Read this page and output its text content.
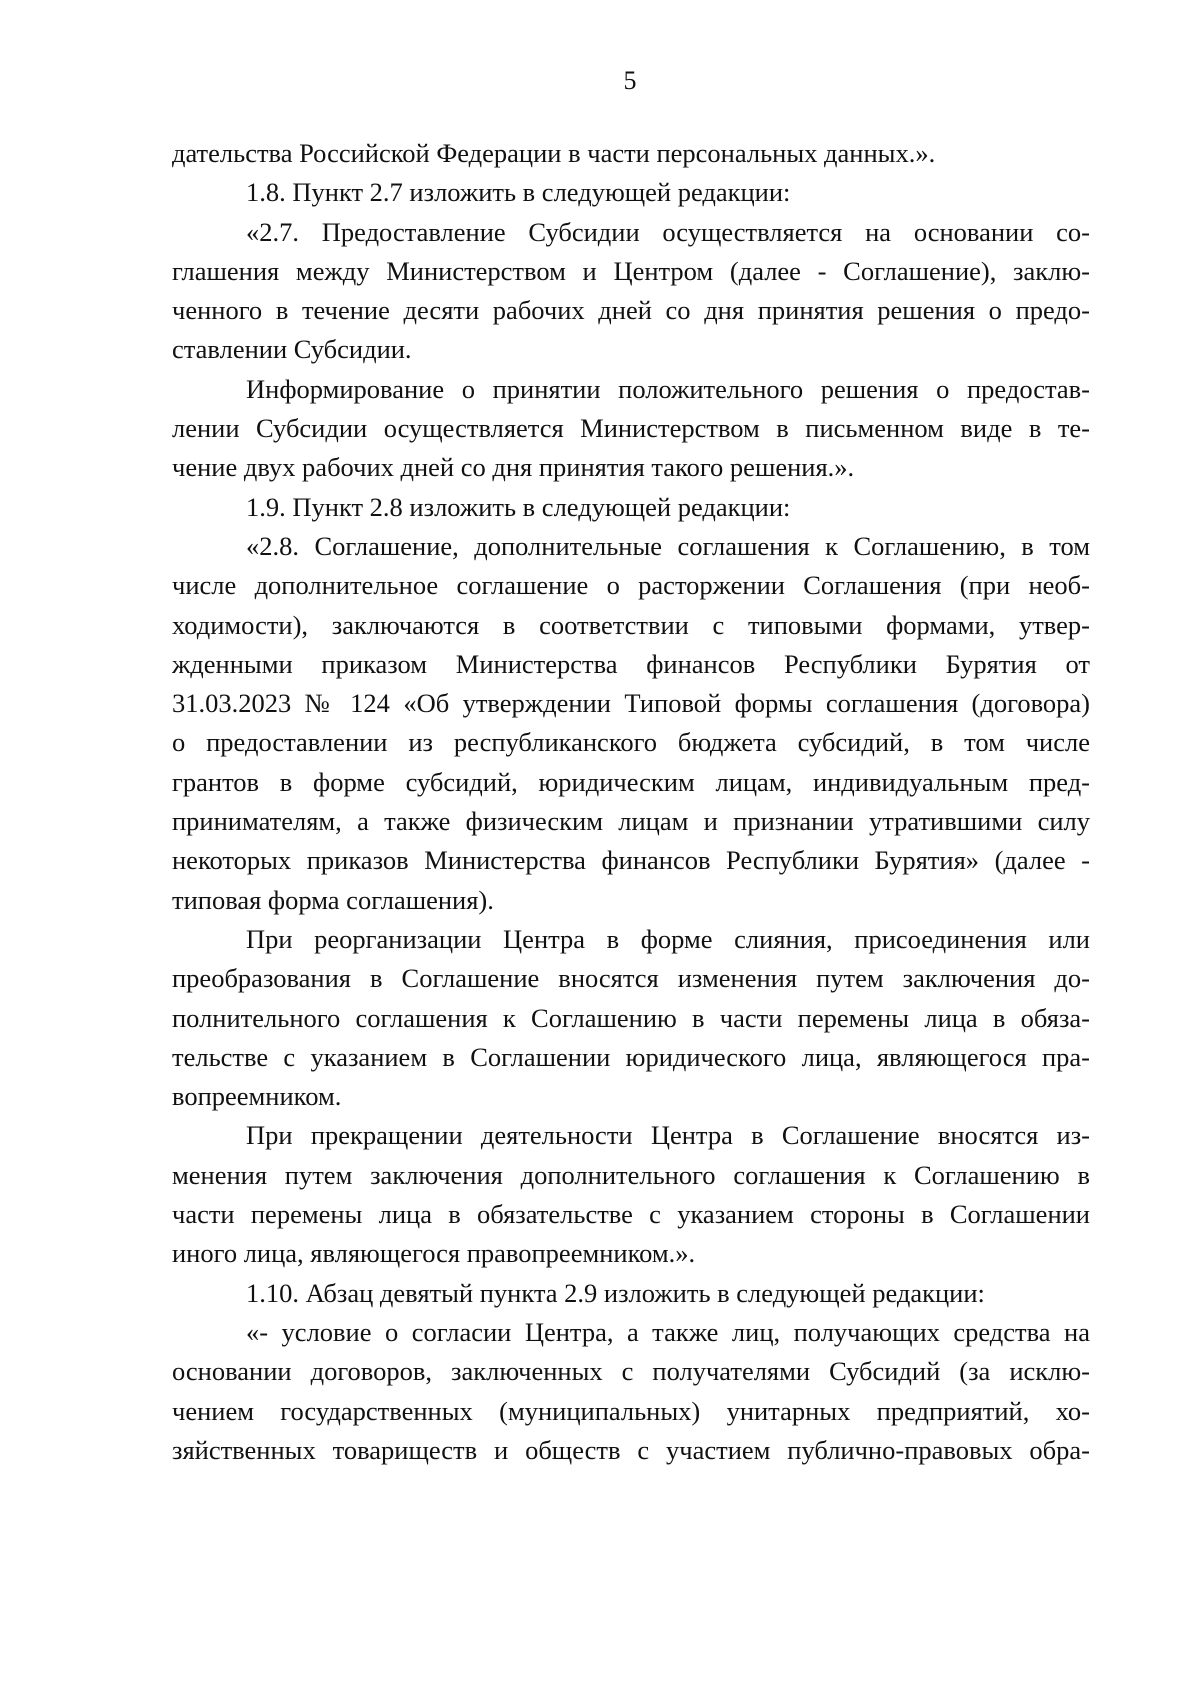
5
дательства Российской Федерации в части персональных данных.».
1.8. Пункт 2.7 изложить в следующей редакции:
«2.7. Предоставление Субсидии осуществляется на основании со-
глашения между Министерством и Центром (далее - Соглашение), заклю-
ченного в течение десяти рабочих дней со дня принятия решения о предо-
ставлении Субсидии.
Информирование о принятии положительного решения о предостав-
лении Субсидии осуществляется Министерством в письменном виде в те-
чение двух рабочих дней со дня принятия такого решения.».
1.9. Пункт 2.8 изложить в следующей редакции:
«2.8. Соглашение, дополнительные соглашения к Соглашению, в том
числе дополнительное соглашение о расторжении Соглашения (при необ-
ходимости), заключаются в соответствии с типовыми формами, утвер-
жденными приказом Министерства финансов Республики Бурятия от
31.03.2023 № 124 «Об утверждении Типовой формы соглашения (договора)
о предоставлении из республиканского бюджета субсидий, в том числе
грантов в форме субсидий, юридическим лицам, индивидуальным пред-
принимателям, а также физическим лицам и признании утратившими силу
некоторых приказов Министерства финансов Республики Бурятия» (далее -
типовая форма соглашения).
При реорганизации Центра в форме слияния, присоединения или
преобразования в Соглашение вносятся изменения путем заключения до-
полнительного соглашения к Соглашению в части перемены лица в обяза-
тельстве с указанием в Соглашении юридического лица, являющегося пра-
вопреемником.
При прекращении деятельности Центра в Соглашение вносятся из-
менения путем заключения дополнительного соглашения к Соглашению в
части перемены лица в обязательстве с указанием стороны в Соглашении
иного лица, являющегося правопреемником.».
1.10. Абзац девятый пункта 2.9 изложить в следующей редакции:
«- условие о согласии Центра, а также лиц, получающих средства на
основании договоров, заключенных с получателями Субсидий (за исклю-
чением государственных (муниципальных) унитарных предприятий, хо-
зяйственных товариществ и обществ с участием публично-правовых обра-
